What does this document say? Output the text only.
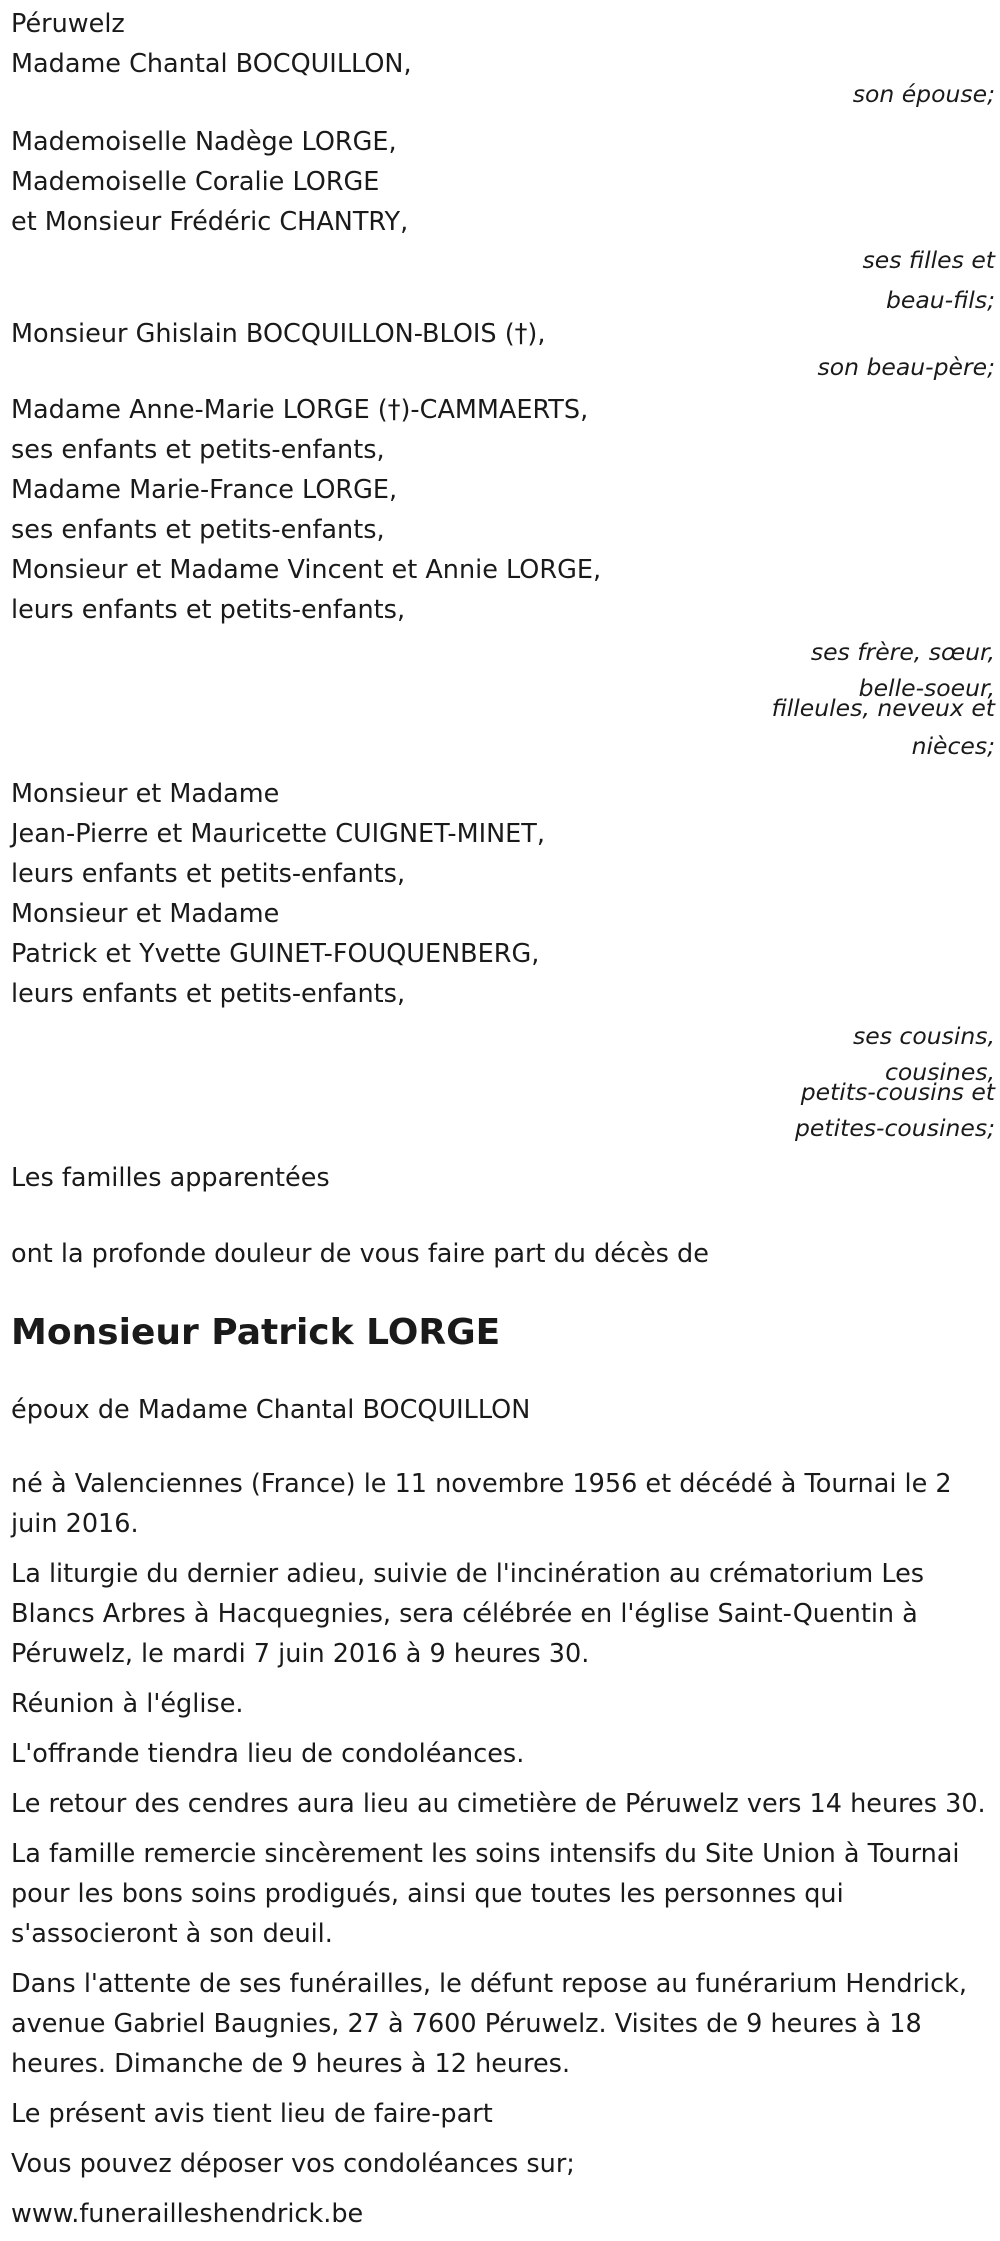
Péruwelz
Madame Chantal BOCQUILLON,
son épouse;
Mademoiselle Nadège LORGE,
Mademoiselle Coralie LORGE
et Monsieur Frédéric CHANTRY,
ses filles et
beau-fils;
Monsieur Ghislain BOCQUILLON-BLOIS (†),
son beau-père;
Madame Anne-Marie LORGE (†)-CAMMAERTS,
ses enfants et petits-enfants,
Madame Marie-France LORGE,
ses enfants et petits-enfants,
Monsieur et Madame Vincent et Annie LORGE,
leurs enfants et petits-enfants,
ses frère, sœur,
belle-soeur,
filleules, neveux et
nièces;
Monsieur et Madame
Jean-Pierre et Mauricette CUIGNET-MINET,
leurs enfants et petits-enfants,
Monsieur et Madame
Patrick et Yvette GUINET-FOUQUENBERG,
leurs enfants et petits-enfants,
ses cousins,
cousines,
petits-cousins et
petites-cousines;
Les familles apparentées
ont la profonde douleur de vous faire part du décès de
Monsieur Patrick LORGE
époux de Madame Chantal BOCQUILLON
né à Valenciennes (France) le 11 novembre 1956 et décédé à Tournai le 2 juin 2016.
La liturgie du dernier adieu, suivie de l'incinération au crématorium Les Blancs Arbres à Hacquegnies, sera célébrée en l'église Saint-Quentin à Péruwelz, le mardi 7 juin 2016 à 9 heures 30.
Réunion à l'église.
L'offrande tiendra lieu de condoléances.
Le retour des cendres aura lieu au cimetière de Péruwelz vers 14 heures 30.
La famille remercie sincèrement les soins intensifs du Site Union à Tournai pour les bons soins prodigués, ainsi que toutes les personnes qui s'associeront à son deuil.
Dans l'attente de ses funérailles, le défunt repose au funérarium Hendrick, avenue Gabriel Baugnies, 27 à 7600 Péruwelz. Visites de 9 heures à 18 heures. Dimanche de 9 heures à 12 heures.
Le présent avis tient lieu de faire-part
Vous pouvez déposer vos condoléances sur;
www.funerailleshendrick.be
